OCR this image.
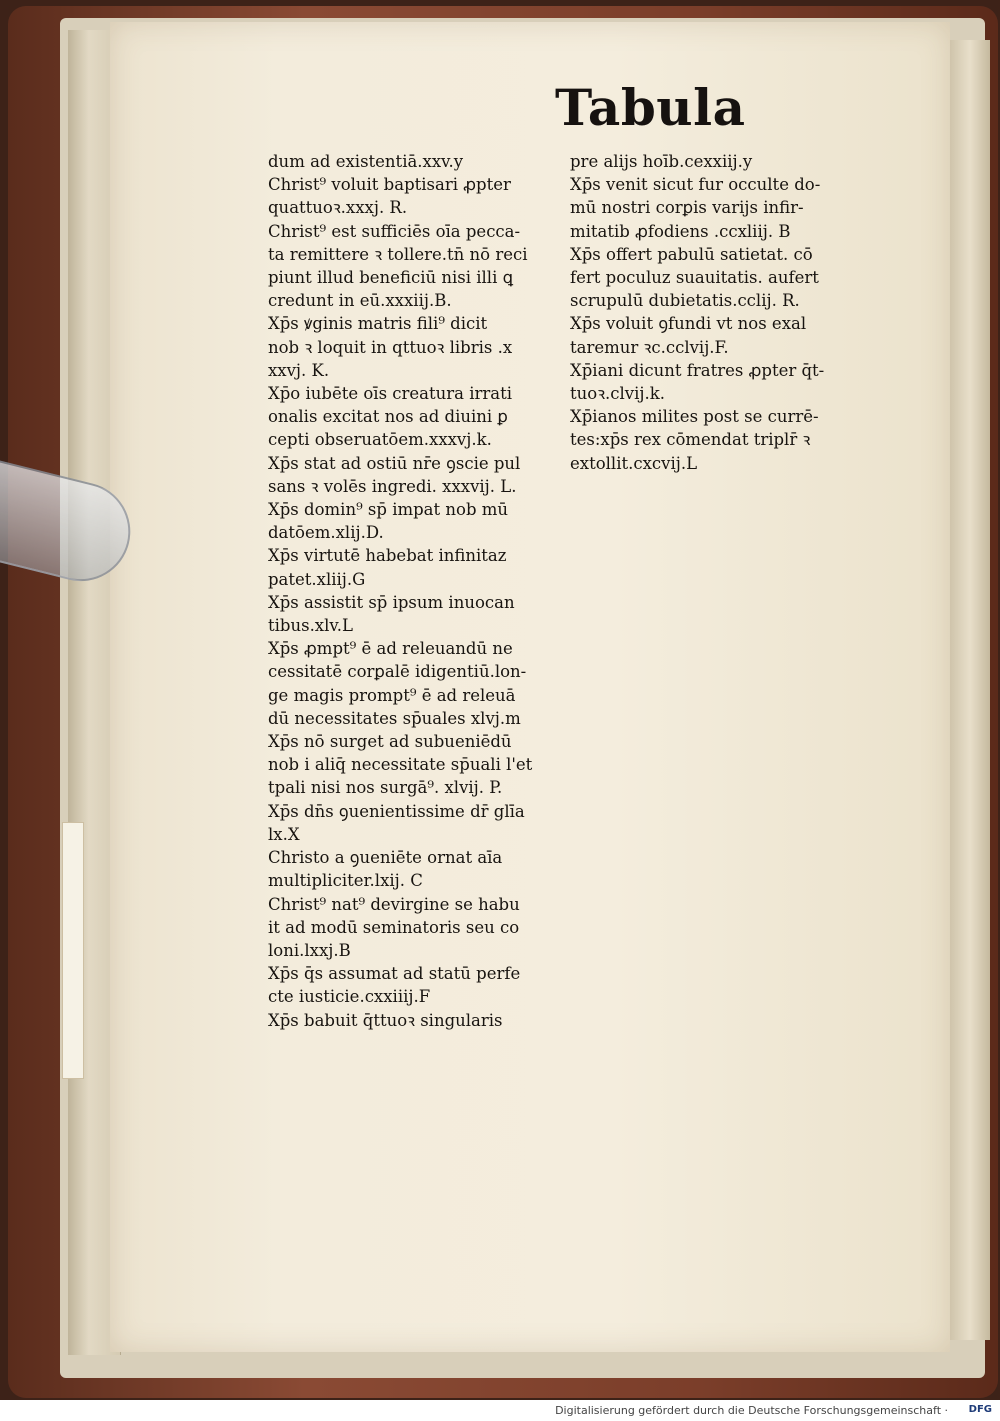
Tabula
dum ad existentiā.xxv.y
Christ⁹ voluit baptisari ꝓpter
quattuoꝛ.xxxj. R.
Christ⁹ est sufficiēs oīa pecca-
ta remittere ꝛ tollere.tn̄ nō reci
piunt illud beneficiū nisi illi ꝗ
credunt in eū.xxxiij.B.
Xp̄s ꝟginis matris fili⁹ dicit
nob ꝛ loquit in qttuoꝛ libris .x
xxvj. K.
Xp̄o iubēte oīs creatura irrati
onalis excitat nos ad diuini ꝑ
cepti obseruatōem.xxxvj.k.
Xp̄s stat ad ostiū nr̄e ꝯscie pul
sans ꝛ volēs ingredi. xxxvij. L.
Xp̄s domin⁹ sp̄ impat nob mū
datōem.xlij.D.
Xp̄s virtutē habebat infinitaz
patet.xliij.G
Xp̄s assistit sp̄ ipsum inuocan
tibus.xlv.L
Xp̄s ꝓmpt⁹ ē ad releuandū ne
cessitatē corꝑalē idigentiū.lon-
ge magis prompt⁹ ē ad releuā
dū necessitates sp̄uales xlvj.m
Xp̄s nō surget ad subueniēdū
nob i aliq̄ necessitate sp̄uali l'et
tpali nisi nos surgā⁹. xlvij. P.
Xp̄s dn̄s ꝯuenientissime dr̄ glīa
lx.X
Christo a ꝯueniēte ornat aīa
multipliciter.lxij. C
Christ⁹ nat⁹ devirgine se habu
it ad modū seminatoris seu co
loni.lxxj.B
Xp̄s q̄s assumat ad statū perfe
cte iusticie.cxxiiij.F
Xp̄s babuit q̄ttuoꝛ singularis
pre alijs hoīb.cexxiij.y
Xp̄s venit sicut fur occulte do-
mū nostri corꝑis varijs infir-
mitatib ꝓfodiens .ccxliij. B
Xp̄s offert pabulū satietat. cō
fert poculuz suauitatis. aufert
scrupulū dubietatis.cclij. R.
Xp̄s voluit ꝯfundi vt nos exal
taremur ꝛc.cclvij.F.
Xp̄iani dicunt fratres ꝓpter q̄t-
tuoꝛ.clvij.k.
Xp̄ianos milites post se currē-
tes:xp̄s rex cōmendat triplr̄ ꝛ
extollit.cxcvij.L
Digitalisierung gefördert durch die Deutsche Forschungsgemeinschaft · DFG
